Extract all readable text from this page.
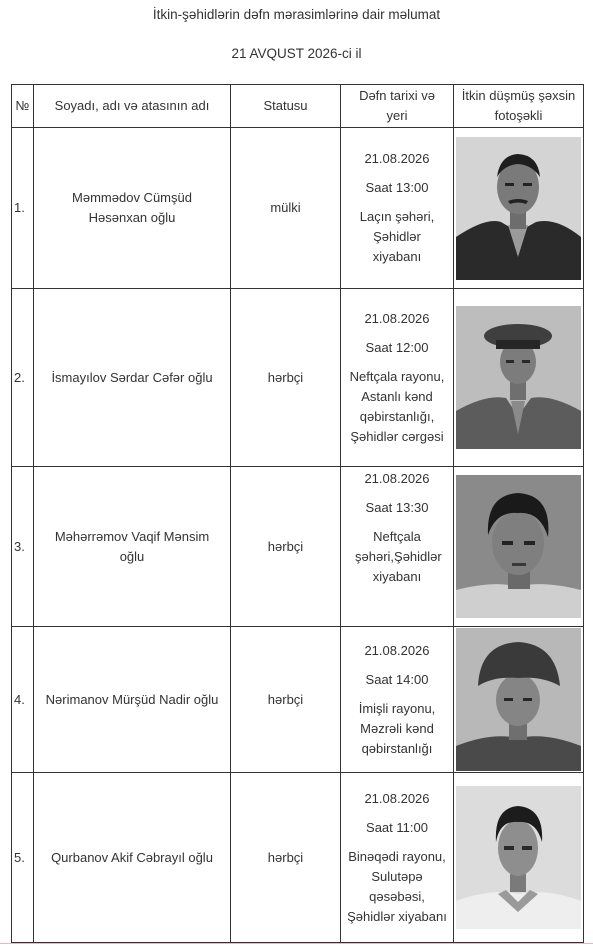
İtkin-şəhidlərin dəfn mərasimlərinə dair məlumat
21 AVQUST 2026-ci il
№	Soyadı, adı və atasının adı	Statusu	Dəfn tarixi və yeri	İtkin düşmüş şəxsin fotoşəkli
1.	Məmmədov Cümşüd Həsənxan oğlu	mülki	21.08.2026

Saat 13:00

Laçın şəhəri, Şəhidlər xiyabanı

2.	İsmayılov Sərdar Cəfər oğlu	hərbçi	21.08.2026

Saat 12:00

Neftçala rayonu, Astanlı kənd qəbirstanlığı, Şəhidlər cərgəsi

3.	Məhərrəmov Vaqif Mənsim oğlu	hərbçi	21.08.2026

Saat 13:30

Neftçala şəhəri,Şəhidlər xiyabanı

4.	Nərimanov Mürşüd Nadir oğlu	hərbçi	21.08.2026

Saat 14:00

İmişli rayonu, Məzrəli kənd qəbirstanlığı

5.	Qurbanov Akif Cəbrayıl oğlu	hərbçi	21.08.2026

Saat 11:00

Binəqədi rayonu, Sulutəpə qəsəbəsi, Şəhidlər xiyabanı
